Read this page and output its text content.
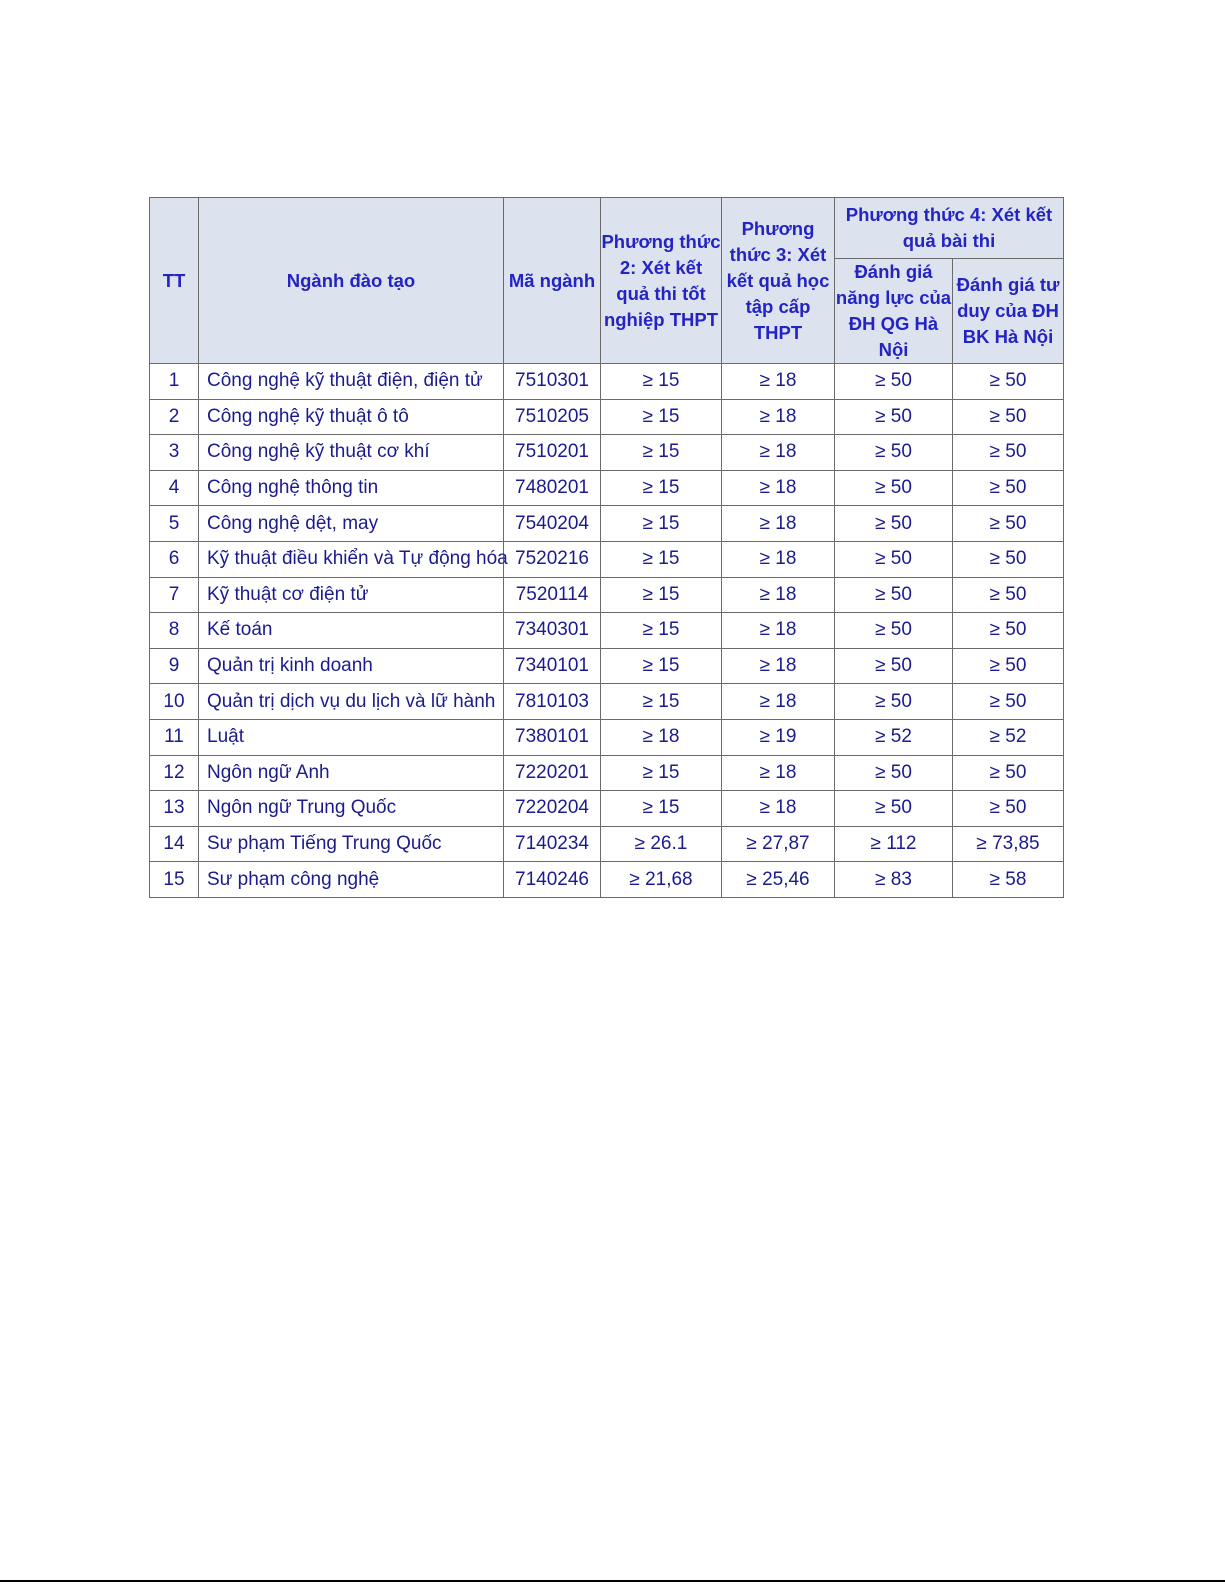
TT	Ngành đào tạo	Mã ngành	Phương thức 2: Xét kết quả thi tốt nghiệp THPT	Phương thức 3: Xét kết quả học tập cấp THPT	Phương thức 4: Xét kết quả bài thi	
					Đánh giá năng lực của ĐH QG Hà Nội	Đánh giá tư duy của ĐH BK Hà Nội
1	Công nghệ kỹ thuật điện, điện tử	7510301	≥ 15	≥ 18	≥ 50	≥ 50
2	Công nghệ kỹ thuật ô tô	7510205	≥ 15	≥ 18	≥ 50	≥ 50
3	Công nghệ kỹ thuật cơ khí	7510201	≥ 15	≥ 18	≥ 50	≥ 50
4	Công nghệ thông tin	7480201	≥ 15	≥ 18	≥ 50	≥ 50
5	Công nghệ dệt, may	7540204	≥ 15	≥ 18	≥ 50	≥ 50
6	Kỹ thuật điều khiển và Tự động hóa	7520216	≥ 15	≥ 18	≥ 50	≥ 50
7	Kỹ thuật cơ điện tử	7520114	≥ 15	≥ 18	≥ 50	≥ 50
8	Kế toán	7340301	≥ 15	≥ 18	≥ 50	≥ 50
9	Quản trị kinh doanh	7340101	≥ 15	≥ 18	≥ 50	≥ 50
10	Quản trị dịch vụ du lịch và lữ hành	7810103	≥ 15	≥ 18	≥ 50	≥ 50
11	Luật	7380101	≥ 18	≥ 19	≥ 52	≥ 52
12	Ngôn ngữ Anh	7220201	≥ 15	≥ 18	≥ 50	≥ 50
13	Ngôn ngữ Trung Quốc	7220204	≥ 15	≥ 18	≥ 50	≥ 50
14	Sư phạm Tiếng Trung Quốc	7140234	≥ 26.1	≥ 27,87	≥ 112	≥ 73,85
15	Sư phạm công nghệ	7140246	≥ 21,68	≥ 25,46	≥ 83	≥ 58
